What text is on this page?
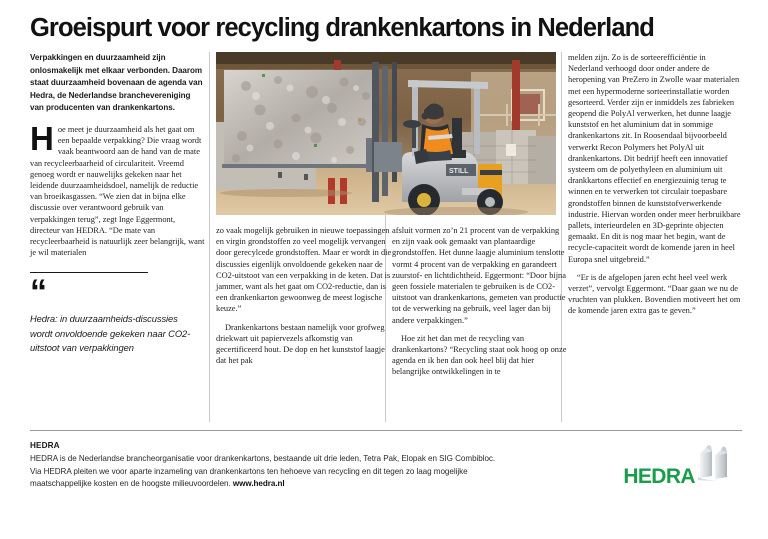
Groeispurt voor recycling drankenkartons in Nederland

Verpakkingen en duurzaamheid zijn onlosmakelijk met elkaar verbonden. Daarom staat duurzaamheid bovenaan de agenda van Hedra, de Nederlandse branchevereniging van producenten van drankenkartons.

Hoe meet je duurzaamheid als het gaat om een bepaalde verpakking? Die vraag wordt vaak beantwoord aan de hand van de mate van recycleerbaarheid of circulariteit. Vreemd genoeg wordt er nauwelijks gekeken naar het leidende duurzaamheidsdoel, namelijk de reductie van broeikasgassen. “We zien dat in bijna elke discussie over verantwoord gebruik van verpakkingen terug”, zegt Inge Eggermont, directeur van HEDRA. “De mate van recycleerbaarheid is natuurlijk zeer belangrijk, want je wil materialen

“

Hedra: in duurzaamheids-discussies wordt onvoldoende gekeken naar CO2-uitstoot van verpakkingen

STILL

zo vaak mogelijk gebruiken in nieuwe toepassingen en virgin grondstoffen zo veel mogelijk vervangen door gerecylcede grondstoffen. Maar er wordt in die discussies eigenlijk onvoldoende gekeken naar de CO2-uitstoot van een verpakking in de keten. Dat is jammer, want als het gaat om CO2-reductie, dan is een drankenkarton gewoonweg de meest logische keuze.”

Drankenkartons bestaan namelijk voor grofweg driekwart uit papiervezels afkomstig van gecertificeerd hout. De dop en het kunststof laagje dat het pak

afsluit vormen zo’n 21 procent van de verpakking en zijn vaak ook gemaakt van plantaardige grondstoffen. Het dunne laagje aluminium tenslotte vormt 4 procent van de verpakking en garandeert zuurstof- en lichtdichtheid. Eggermont: “Door bijna geen fossiele materialen te gebruiken is de CO2-uitstoot van drankenkartons, gemeten van productie tot de verwerking na gebruik, veel lager dan bij andere verpakkingen.”

Hoe zit het dan met de recycling van drankenkartons? “Recycling staat ook hoog op onze agenda en ik ben dan ook heel blij dat hier belangrijke ontwikkelingen in te

melden zijn. Zo is de sorteerefficiëntie in Nederland verhoogd door onder andere de heropening van PreZero in Zwolle waar materialen met een hypermoderne sorteerinstallatie worden gesorteerd. Verder zijn er inmiddels zes fabrieken geopend die PolyAl verwerken, het dunne laagje kunststof en het aluminium dat in sommige drankenkartons zit. In Roosendaal bijvoorbeeld verwerkt Recon Polymers het PolyAl uit drankenkartons. Dit bedrijf heeft een innovatief systeem om de polyethyleen en aluminium uit drankkartons effectief en energiezuinig terug te winnen en te verwerken tot circulair toepasbare grondstoffen binnen de kunststofverwerkende industrie. Hiervan worden onder meer herbruikbare pallets, interieurdelen en 3D-geprinte objecten gemaakt. En dit is nog maar het begin, want de recycle-capaciteit wordt de komende jaren in heel Europa snel uitgebreid.”

“Er is de afgelopen jaren echt heel veel werk verzet”, vervolgt Eggermont. “Daar gaan we nu de vruchten van plukken. Bovendien motiveert het om de komende jaren extra gas te geven.”

HEDRA

HEDRA is de Nederlandse brancheorganisatie voor drankenkartons, bestaande uit drie leden, Tetra Pak, Elopak en SIG Combibloc.

Via HEDRA pleiten we voor aparte inzameling van drankenkartons ten hehoeve van recycling en dit tegen zo laag mogelijke

maatschappelijke kosten en de hoogste milieuvoordelen. www.hedra.nl	HEDRA
